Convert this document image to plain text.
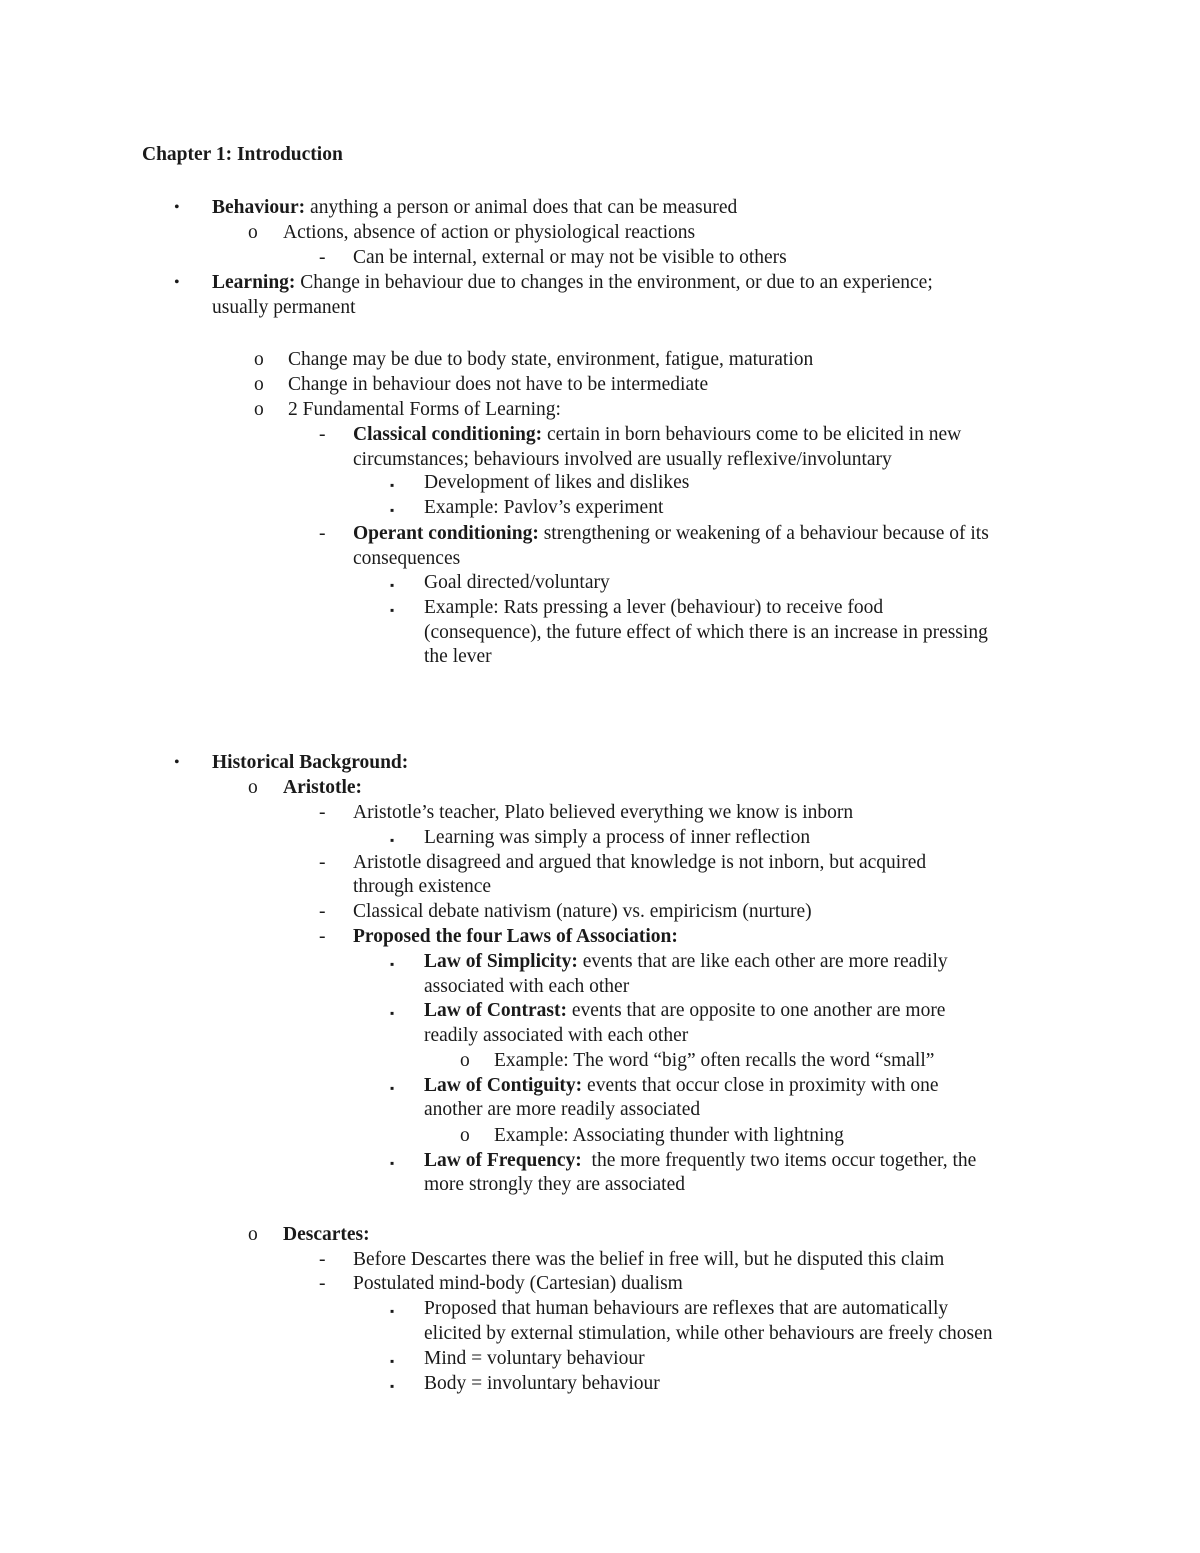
Chapter 1: Introduction
• Behaviour: anything a person or animal does that can be measured
o Actions, absence of action or physiological reactions
- Can be internal, external or may not be visible to others
• Learning: Change in behaviour due to changes in the environment, or due to an experience;
usually permanent
o Change may be due to body state, environment, fatigue, maturation
o Change in behaviour does not have to be intermediate
o 2 Fundamental Forms of Learning:
- Classical conditioning: certain in born behaviours come to be elicited in new
circumstances; behaviours involved are usually reflexive/involuntary
▪ Development of likes and dislikes
▪ Example: Pavlov’s experiment
- Operant conditioning: strengthening or weakening of a behaviour because of its
consequences
▪ Goal directed/voluntary
▪ Example: Rats pressing a lever (behaviour) to receive food
(consequence), the future effect of which there is an increase in pressing
the lever
• Historical Background:
o Aristotle:
- Aristotle’s teacher, Plato believed everything we know is inborn
▪ Learning was simply a process of inner reflection
- Aristotle disagreed and argued that knowledge is not inborn, but acquired
through existence
- Classical debate nativism (nature) vs. empiricism (nurture)
- Proposed the four Laws of Association:
▪ Law of Simplicity: events that are like each other are more readily
associated with each other
▪ Law of Contrast: events that are opposite to one another are more
readily associated with each other
o Example: The word “big” often recalls the word “small”
▪ Law of Contiguity: events that occur close in proximity with one
another are more readily associated
o Example: Associating thunder with lightning
▪ Law of Frequency:  the more frequently two items occur together, the
more strongly they are associated
o Descartes:
- Before Descartes there was the belief in free will, but he disputed this claim
- Postulated mind-body (Cartesian) dualism
▪ Proposed that human behaviours are reflexes that are automatically
elicited by external stimulation, while other behaviours are freely chosen
▪ Mind = voluntary behaviour
▪ Body = involuntary behaviour
